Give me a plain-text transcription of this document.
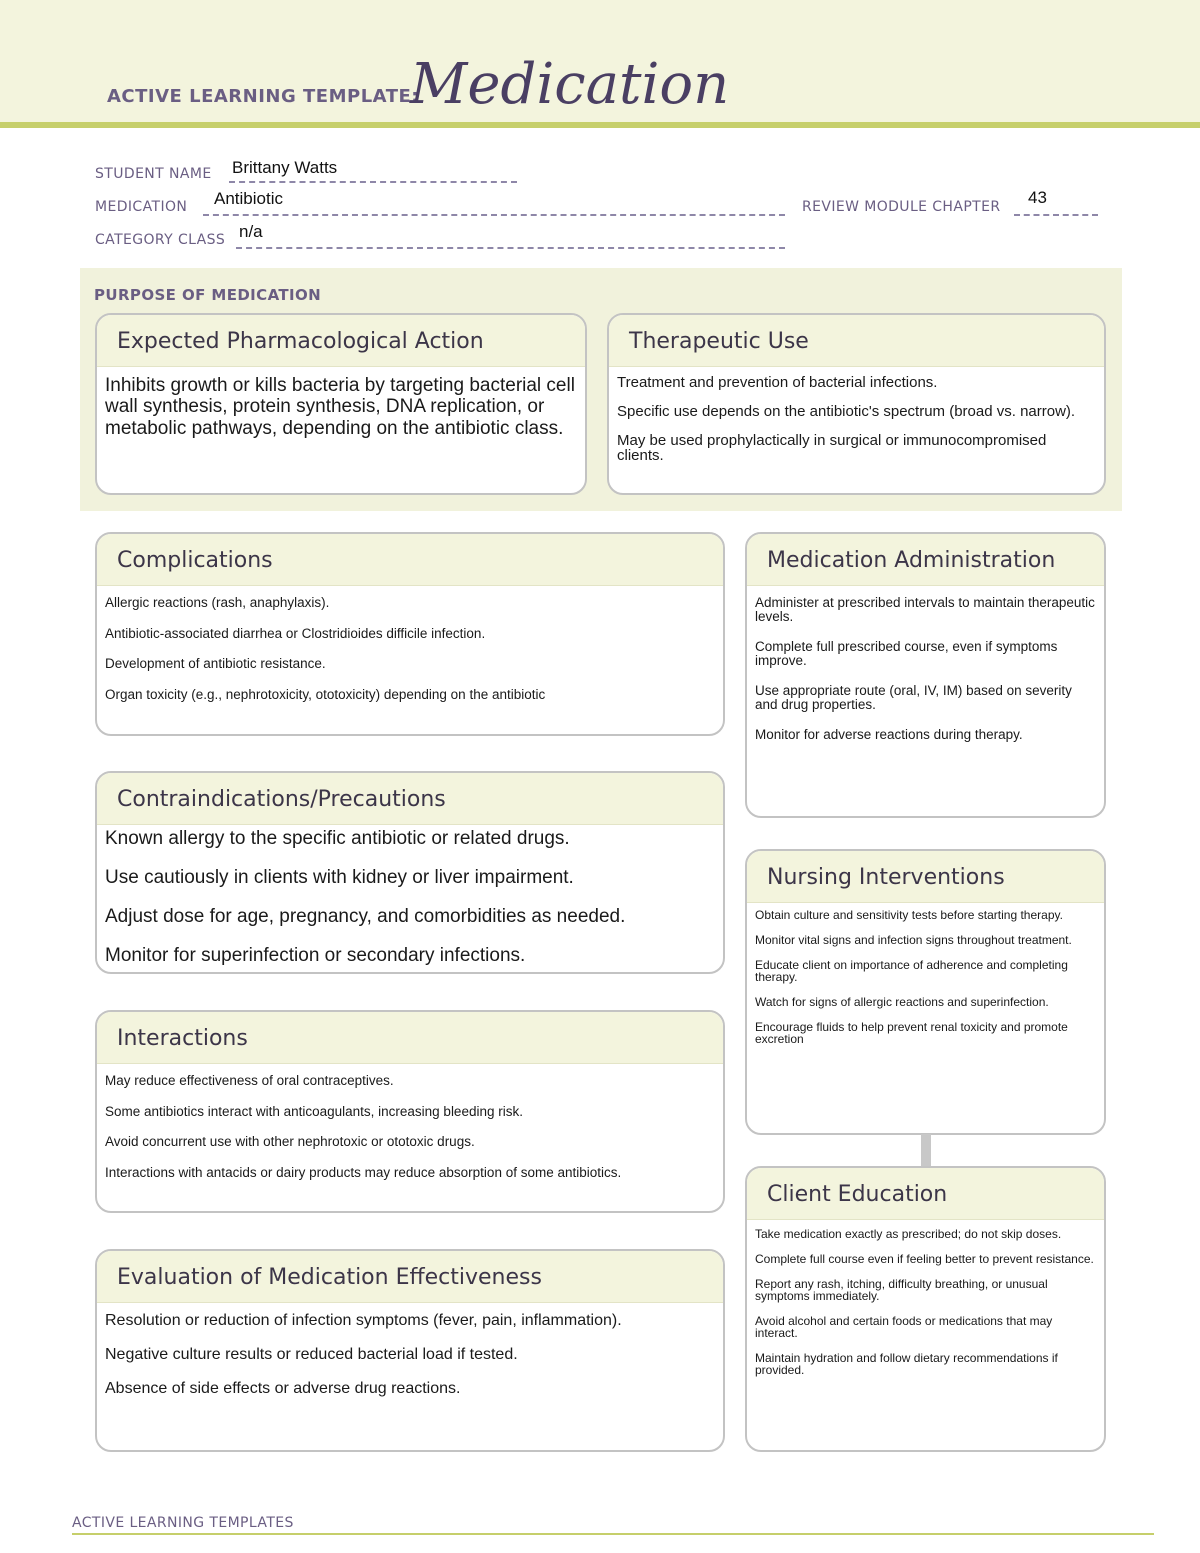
ACTIVE LEARNING TEMPLATE:
Medication
STUDENT NAME Brittany Watts
MEDICATION Antibiotic	REVIEW MODULE CHAPTER 43
CATEGORY CLASS n/a
PURPOSE OF MEDICATION
Expected Pharmacological Action

Inhibits growth or kills bacteria by targeting bacterial cell wall synthesis, protein synthesis, DNA replication, or metabolic pathways, depending on the antibiotic class.

Therapeutic Use

Treatment and prevention of bacterial infections.

Specific use depends on the antibiotic's spectrum (broad vs. narrow).

May be used prophylactically in surgical or immunocompromised clients.

Complications

Allergic reactions (rash, anaphylaxis).

Antibiotic-associated diarrhea or Clostridioides difficile infection.

Development of antibiotic resistance.

Organ toxicity (e.g., nephrotoxicity, ototoxicity) depending on the antibiotic

Medication Administration

Administer at prescribed intervals to maintain therapeutic levels.

Complete full prescribed course, even if symptoms improve.

Use appropriate route (oral, IV, IM) based on severity and drug properties.

Monitor for adverse reactions during therapy.

Contraindications/Precautions

Known allergy to the specific antibiotic or related drugs.

Use cautiously in clients with kidney or liver impairment.

Adjust dose for age, pregnancy, and comorbidities as needed.

Monitor for superinfection or secondary infections.

Nursing Interventions

Obtain culture and sensitivity tests before starting therapy.

Monitor vital signs and infection signs throughout treatment.

Educate client on importance of adherence and completing therapy.

Watch for signs of allergic reactions and superinfection.

Encourage fluids to help prevent renal toxicity and promote excretion

Interactions

May reduce effectiveness of oral contraceptives.

Some antibiotics interact with anticoagulants, increasing bleeding risk.

Avoid concurrent use with other nephrotoxic or ototoxic drugs.

Interactions with antacids or dairy products may reduce absorption of some antibiotics.

Client Education

Take medication exactly as prescribed; do not skip doses.

Complete full course even if feeling better to prevent resistance.

Report any rash, itching, difficulty breathing, or unusual symptoms immediately.

Avoid alcohol and certain foods or medications that may interact.

Maintain hydration and follow dietary recommendations if provided.

Evaluation of Medication Effectiveness

Resolution or reduction of infection symptoms (fever, pain, inflammation).

Negative culture results or reduced bacterial load if tested.

Absence of side effects or adverse drug reactions.

ACTIVE LEARNING TEMPLATES
